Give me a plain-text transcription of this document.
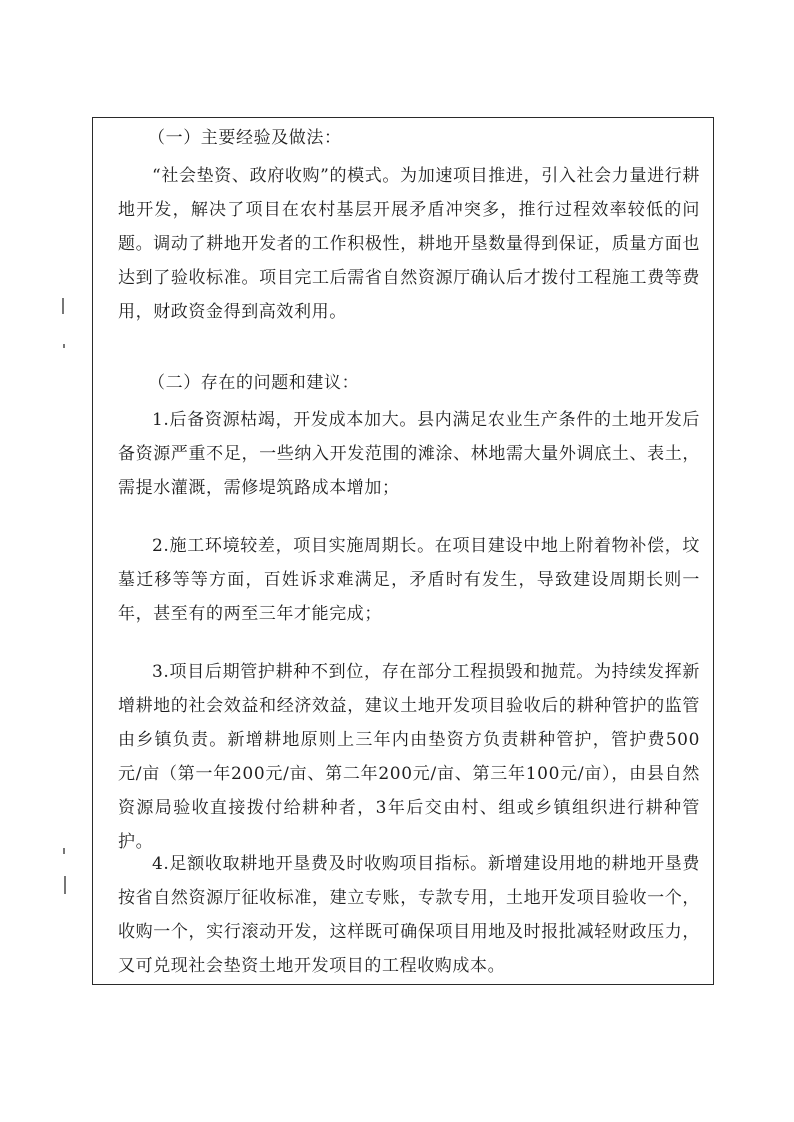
（一）主要经验及做法：

“社会垫资、政府收购”的模式。为加速项目推进，引入社会力量进行耕地开发，解决了项目在农村基层开展矛盾冲突多，推行过程效率较低的问题。调动了耕地开发者的工作积极性，耕地开垦数量得到保证，质量方面也达到了验收标准。项目完工后需省自然资源厅确认后才拨付工程施工费等费用，财政资金得到高效利用。

（二）存在的问题和建议：

1.后备资源枯竭，开发成本加大。县内满足农业生产条件的土地开发后备资源严重不足，一些纳入开发范围的滩涂、林地需大量外调底土、表土，需提水灌溉，需修堤筑路成本增加；

2.施工环境较差，项目实施周期长。在项目建设中地上附着物补偿，坟墓迁移等等方面，百姓诉求难满足，矛盾时有发生，导致建设周期长则一年，甚至有的两至三年才能完成；

3.项目后期管护耕种不到位，存在部分工程损毁和抛荒。为持续发挥新增耕地的社会效益和经济效益，建议土地开发项目验收后的耕种管护的监管由乡镇负责。新增耕地原则上三年内由垫资方负责耕种管护，管护费500元/亩（第一年200元/亩、第二年200元/亩、第三年100元/亩），由县自然资源局验收直接拨付给耕种者，3年后交由村、组或乡镇组织进行耕种管护。

4.足额收取耕地开垦费及时收购项目指标。新增建设用地的耕地开垦费按省自然资源厅征收标准，建立专账，专款专用，土地开发项目验收一个，收购一个，实行滚动开发，这样既可确保项目用地及时报批减轻财政压力，又可兑现社会垫资土地开发项目的工程收购成本。
